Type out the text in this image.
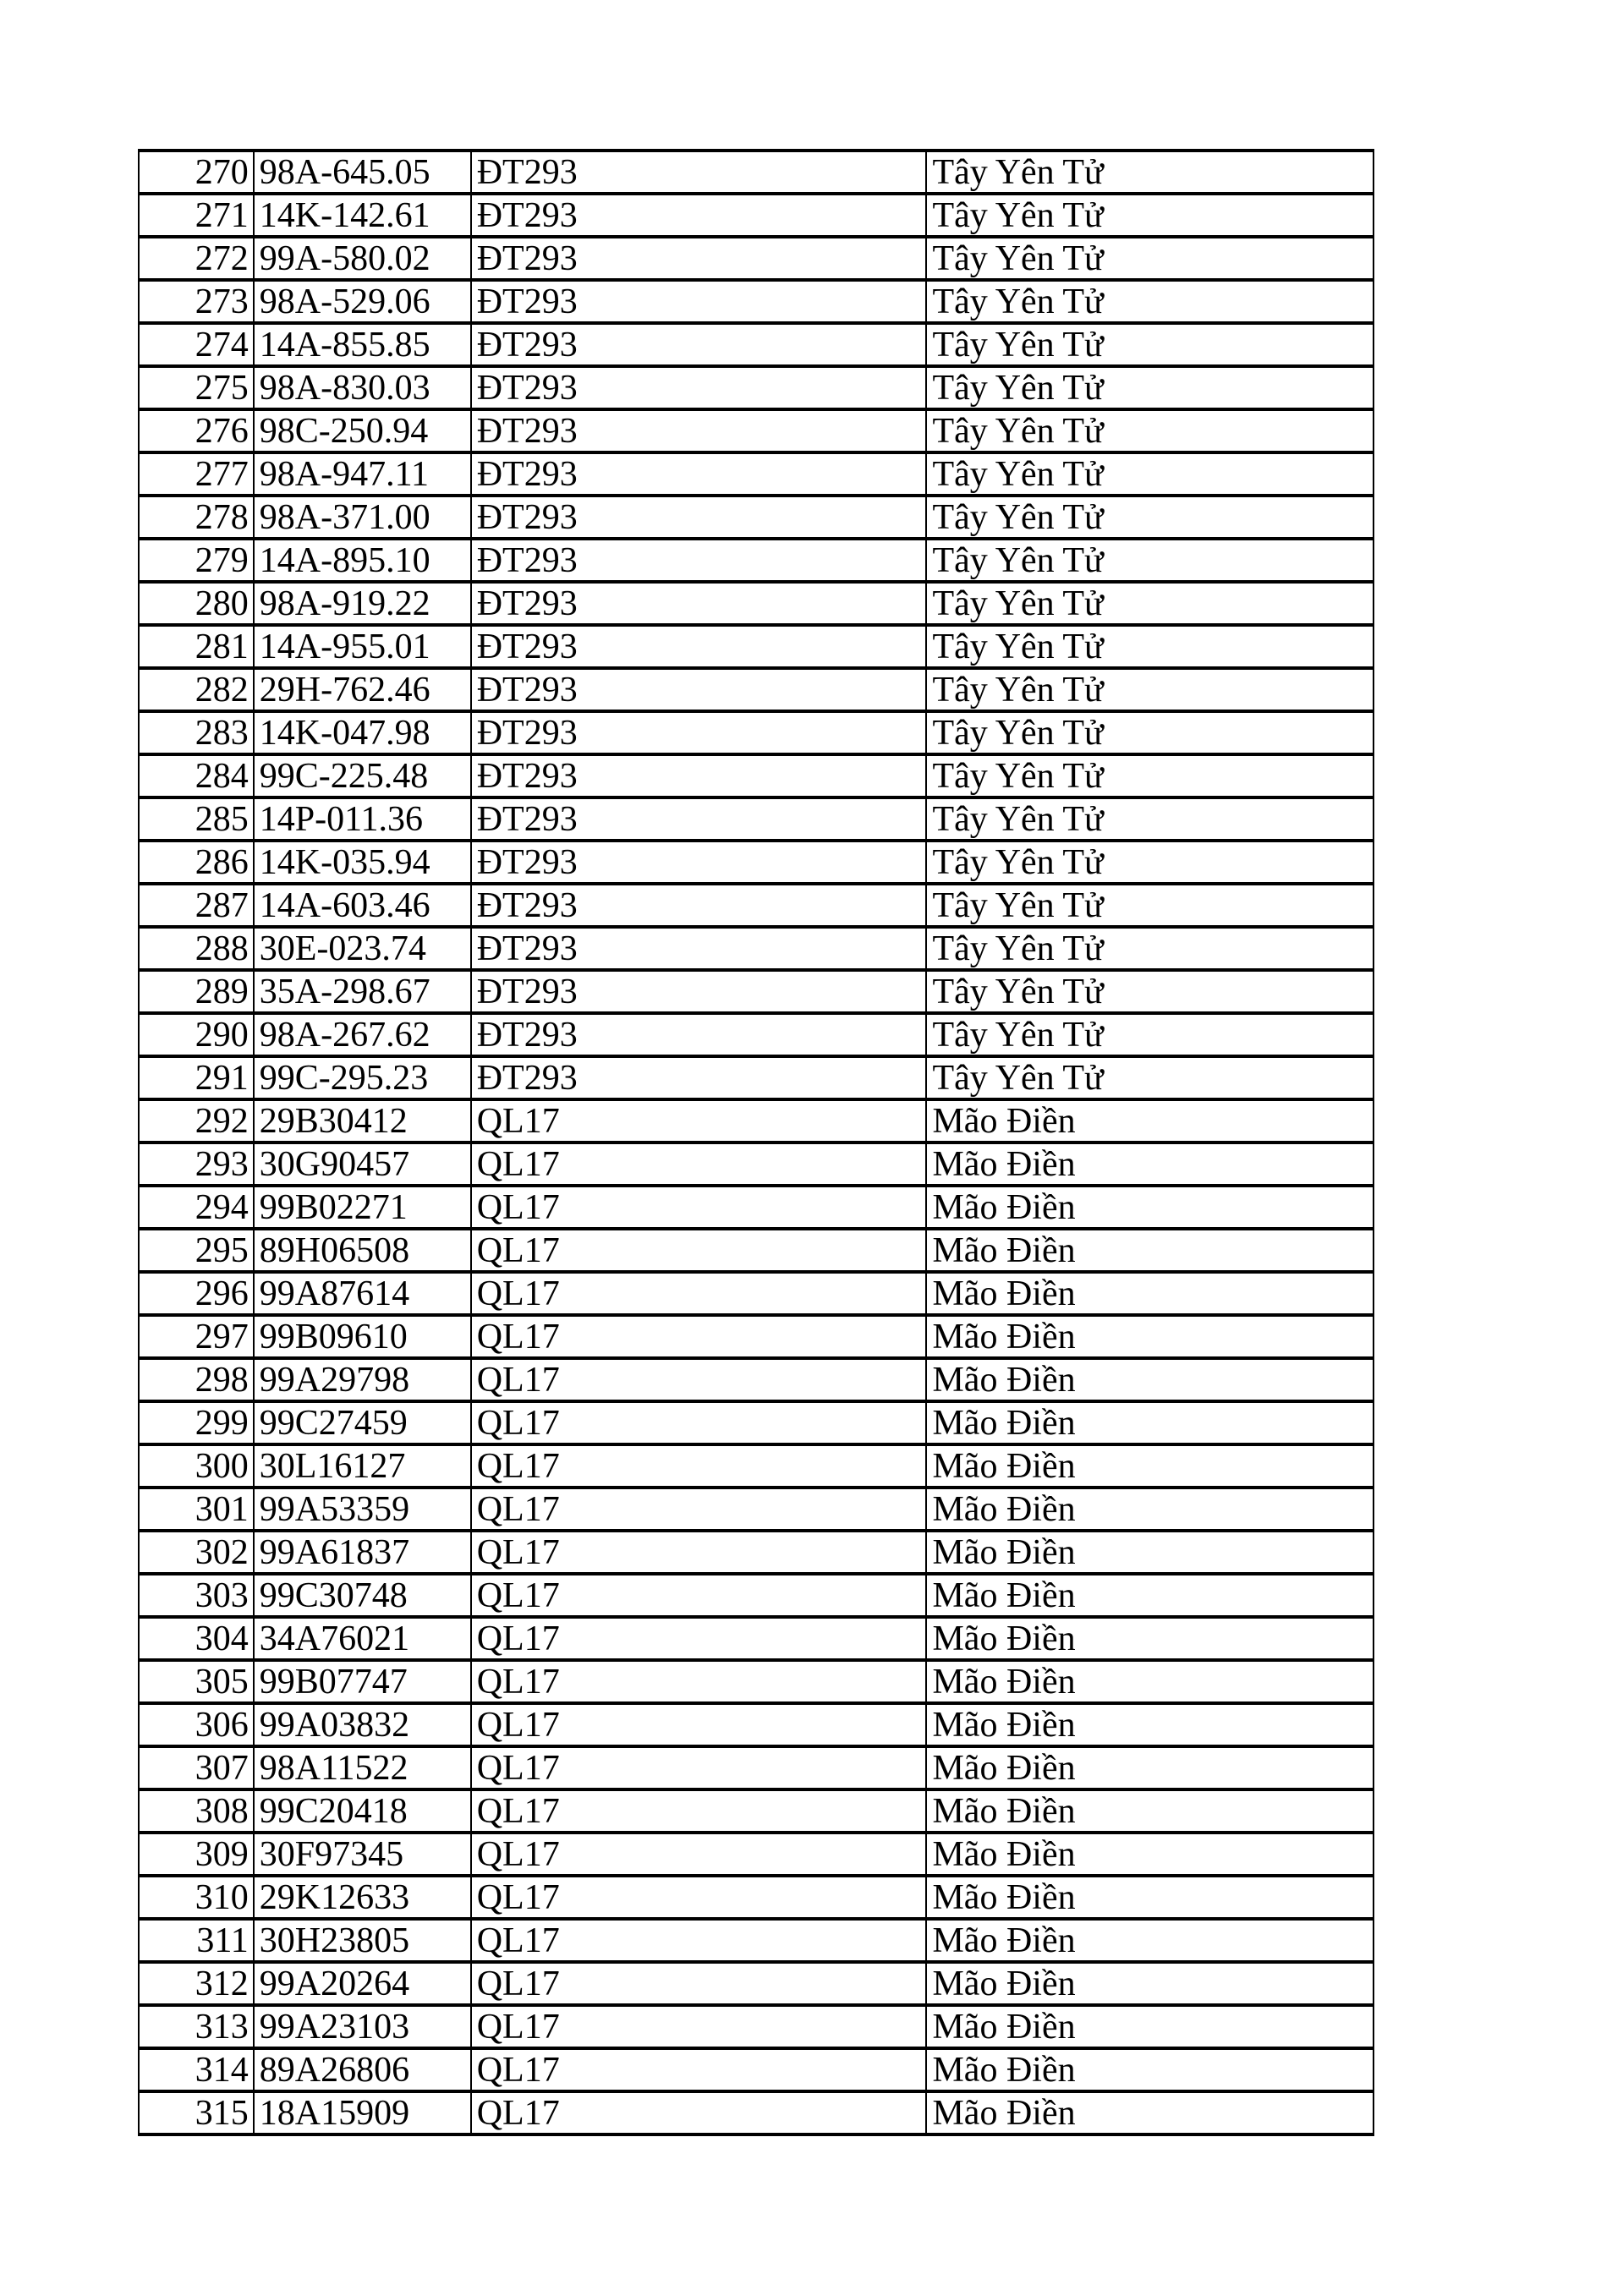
270	98A-645.05	ĐT293	Tây Yên Tử
271	14K-142.61	ĐT293	Tây Yên Tử
272	99A-580.02	ĐT293	Tây Yên Tử
273	98A-529.06	ĐT293	Tây Yên Tử
274	14A-855.85	ĐT293	Tây Yên Tử
275	98A-830.03	ĐT293	Tây Yên Tử
276	98C-250.94	ĐT293	Tây Yên Tử
277	98A-947.11	ĐT293	Tây Yên Tử
278	98A-371.00	ĐT293	Tây Yên Tử
279	14A-895.10	ĐT293	Tây Yên Tử
280	98A-919.22	ĐT293	Tây Yên Tử
281	14A-955.01	ĐT293	Tây Yên Tử
282	29H-762.46	ĐT293	Tây Yên Tử
283	14K-047.98	ĐT293	Tây Yên Tử
284	99C-225.48	ĐT293	Tây Yên Tử
285	14P-011.36	ĐT293	Tây Yên Tử
286	14K-035.94	ĐT293	Tây Yên Tử
287	14A-603.46	ĐT293	Tây Yên Tử
288	30E-023.74	ĐT293	Tây Yên Tử
289	35A-298.67	ĐT293	Tây Yên Tử
290	98A-267.62	ĐT293	Tây Yên Tử
291	99C-295.23	ĐT293	Tây Yên Tử
292	29B30412	QL17	Mão Điền
293	30G90457	QL17	Mão Điền
294	99B02271	QL17	Mão Điền
295	89H06508	QL17	Mão Điền
296	99A87614	QL17	Mão Điền
297	99B09610	QL17	Mão Điền
298	99A29798	QL17	Mão Điền
299	99C27459	QL17	Mão Điền
300	30L16127	QL17	Mão Điền
301	99A53359	QL17	Mão Điền
302	99A61837	QL17	Mão Điền
303	99C30748	QL17	Mão Điền
304	34A76021	QL17	Mão Điền
305	99B07747	QL17	Mão Điền
306	99A03832	QL17	Mão Điền
307	98A11522	QL17	Mão Điền
308	99C20418	QL17	Mão Điền
309	30F97345	QL17	Mão Điền
310	29K12633	QL17	Mão Điền
311	30H23805	QL17	Mão Điền
312	99A20264	QL17	Mão Điền
313	99A23103	QL17	Mão Điền
314	89A26806	QL17	Mão Điền
315	18A15909	QL17	Mão Điền
